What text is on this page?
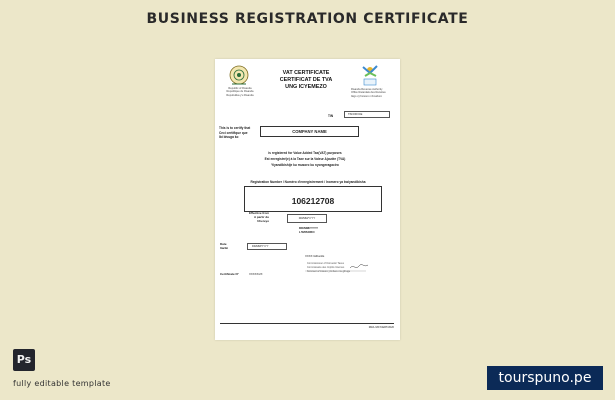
BUSINESS REGISTRATION CERTIFICATE
Republic of Rwanda
Republique du Rwanda
Repubulika y'u Rwanda
VAT CERTIFICATE
CERTIFICAT DE TVA
UNG ICYEMEZO	Rwanda Revenue Authority
Office Rwandais des Recettes
Ikigo cy'Imisoro n'Amahoro
TIN	TIN/OFFICE
This is to certify that
Ceci certifique que
Ibi bivuga ko
COMPANY NAME
is registered for Value Added Tax(VAT) purposes
Est enregistré(e) à la Taxe sur la Valeur Ajoutée (TVA)
Yiyandikishije ku musoro ku nyongeragaciro
Registration Number / Numéro d'enregistrement / Inomero ya kwiyandikisha
106212708
Effective from
A partir du
Uhereye
DD/MM/YYYY
DD/MM/YYYY
L'IMISORO
Date
Itariki	DD/MM/YYYY
XXXX Gilhardis
Commissioner of Domestic Taxes
Commissaire des Impôts Internes
Komiseri w'imisoro y'imbere mu gihugu
Certificate N°	XXXXX/2X
RRA-VAT/CERT/2020
Ps
fully editable template	tourspuno.pe
